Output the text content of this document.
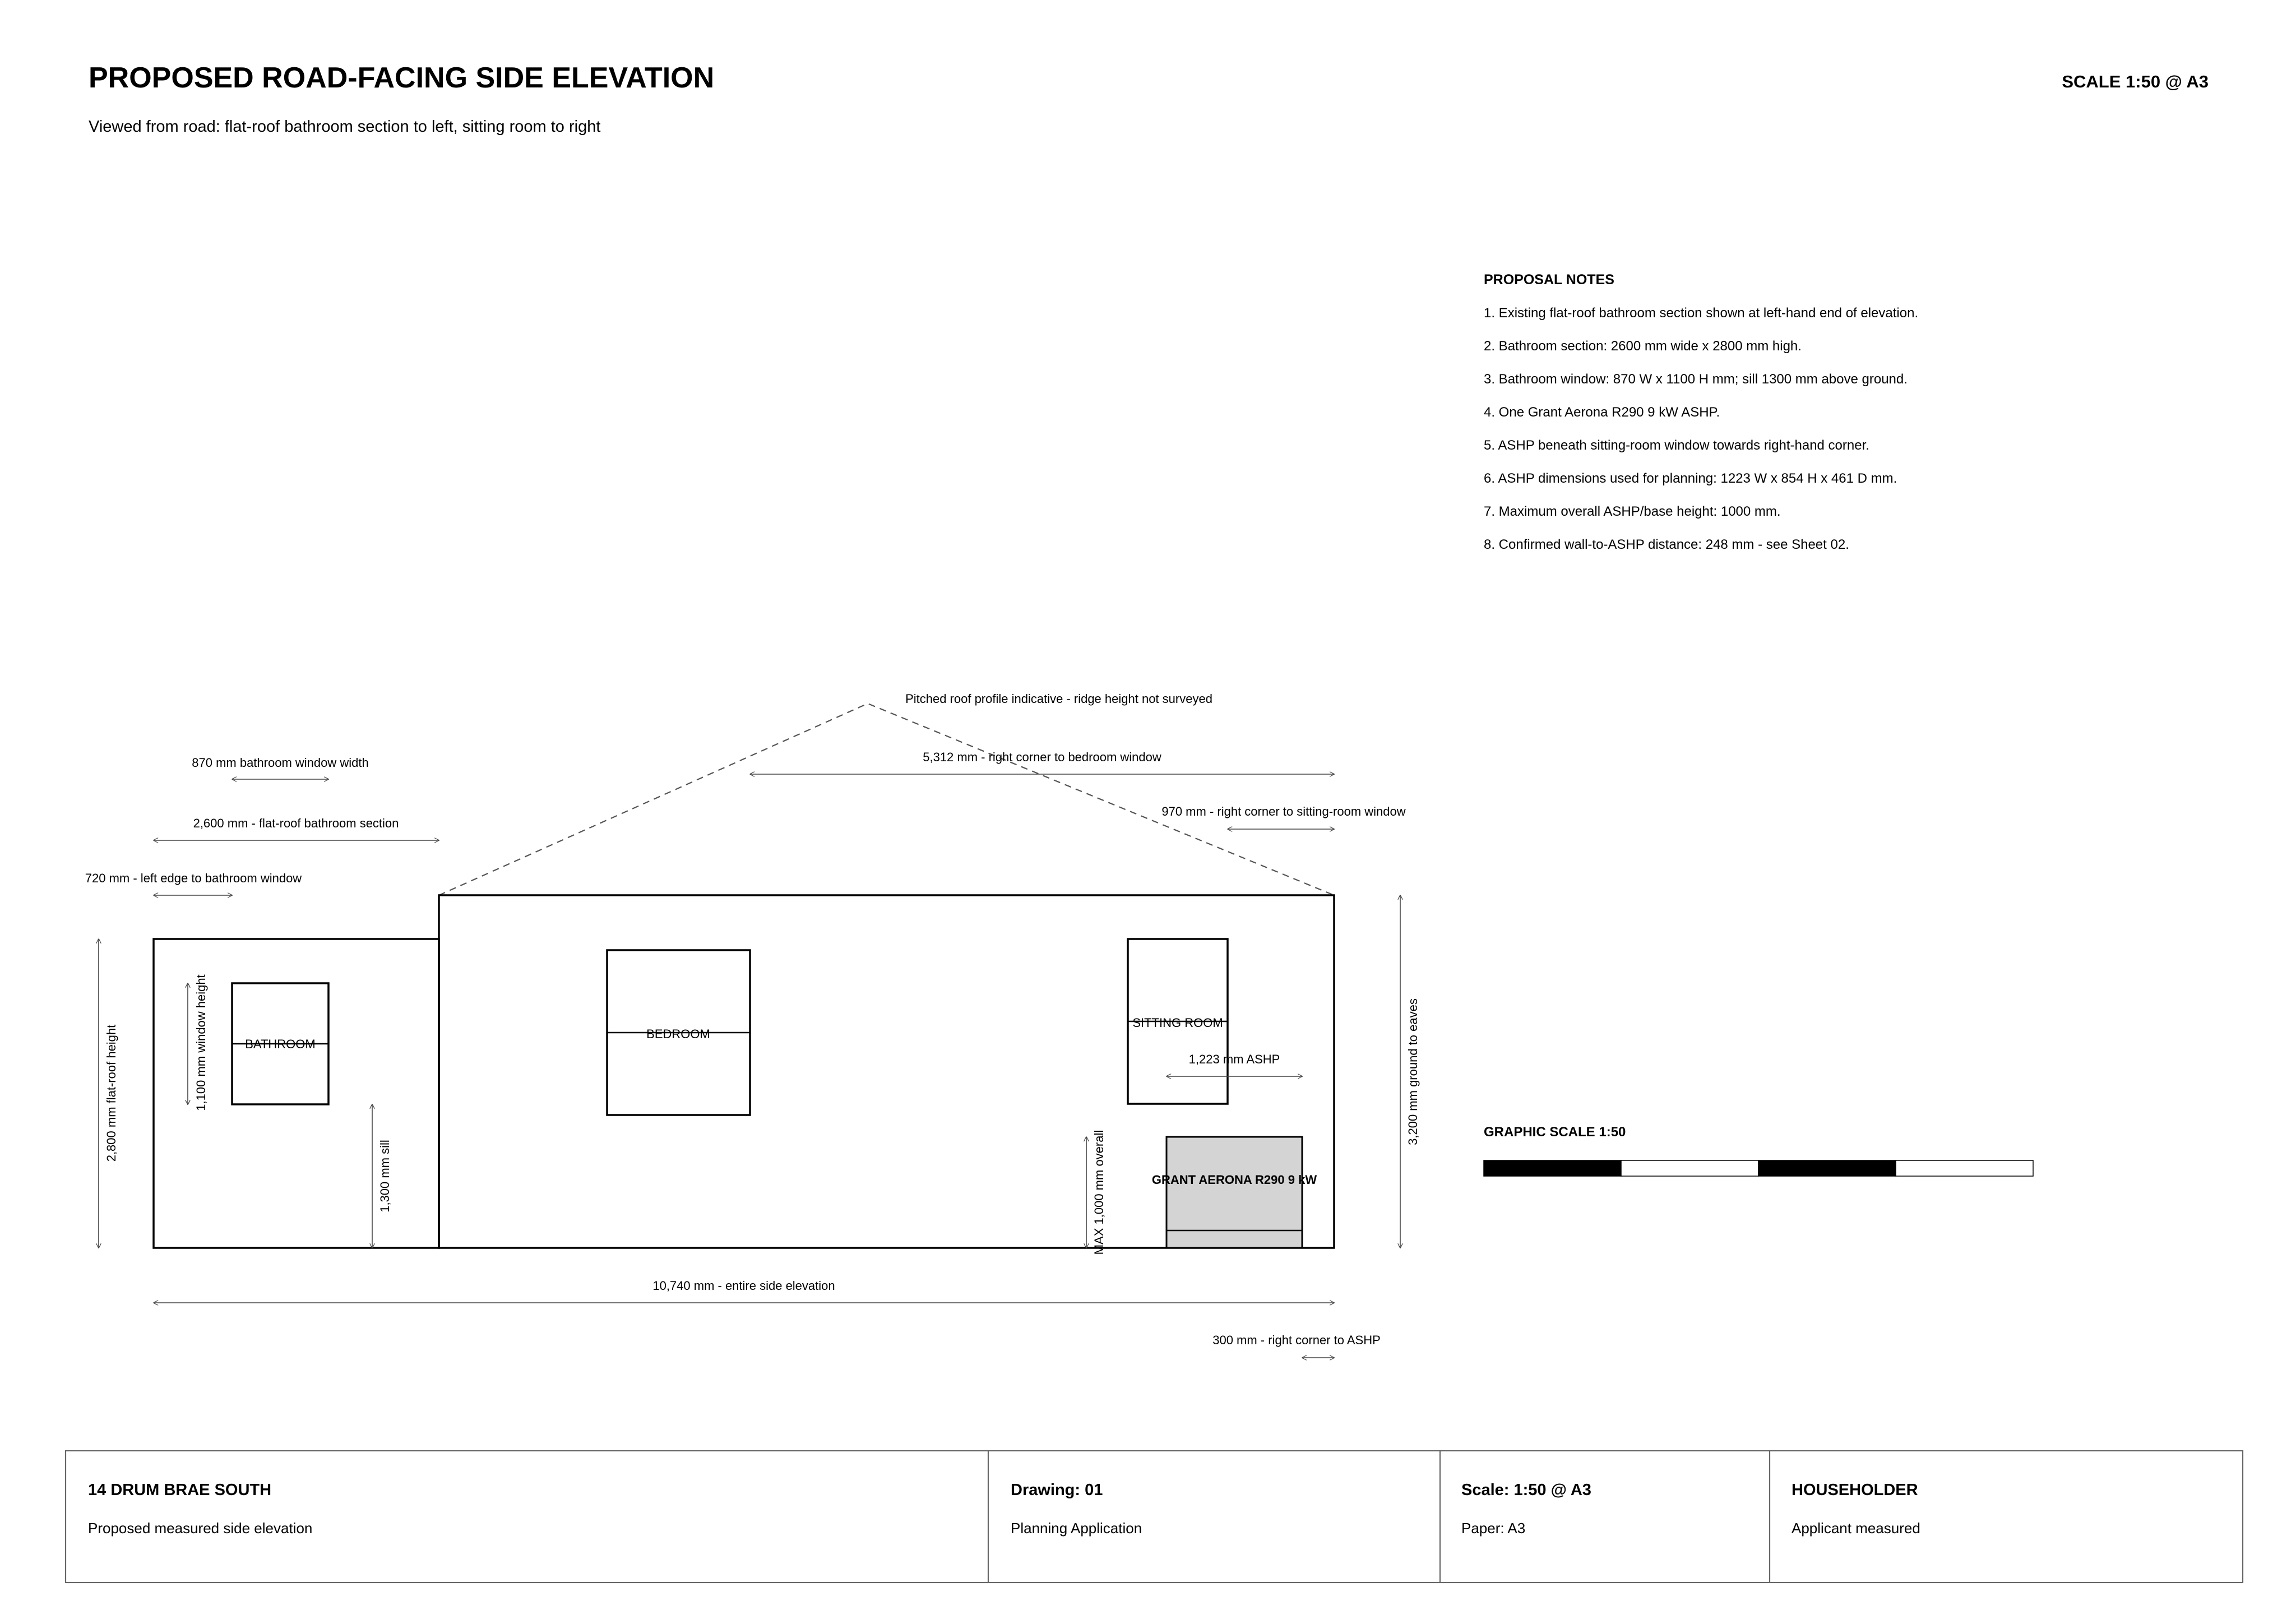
PROPOSED ROAD-FACING SIDE ELEVATION
Viewed from road: flat-roof bathroom section to left, sitting room to right
SCALE 1:50 @ A3
PROPOSAL NOTES
1. Existing flat-roof bathroom section shown at left-hand end of elevation.
2. Bathroom section: 2600 mm wide x 2800 mm high.
3. Bathroom window: 870 W x 1100 H mm; sill 1300 mm above ground.
4. One Grant Aerona R290 9 kW ASHP.
5. ASHP beneath sitting-room window towards right-hand corner.
6. ASHP dimensions used for planning: 1223 W x 854 H x 461 D mm.
7. Maximum overall ASHP/base height: 1000 mm.
8. Confirmed wall-to-ASHP distance: 248 mm - see Sheet 02.
Pitched roof profile indicative - ridge height not surveyed
BATHROOM
BEDROOM
SITTING ROOM
GRANT AERONA R290 9 kW
870 mm bathroom window width
2,600 mm - flat-roof bathroom section
720 mm - left edge to bathroom window
5,312 mm - right corner to bedroom window
970 mm - right corner to sitting-room window
2,800 mm flat-roof height	1,100 mm window height
1,300 mm sill
1,223 mm ASHP
MAX 1,000 mm overall
3,200 mm ground to eaves
10,740 mm - entire side elevation
300 mm - right corner to ASHP
GRAPHIC SCALE 1:50
14 DRUM BRAE SOUTH
Proposed measured side elevation
Drawing: 01
Planning Application
Scale: 1:50 @ A3
Paper: A3
HOUSEHOLDER
Applicant measured
